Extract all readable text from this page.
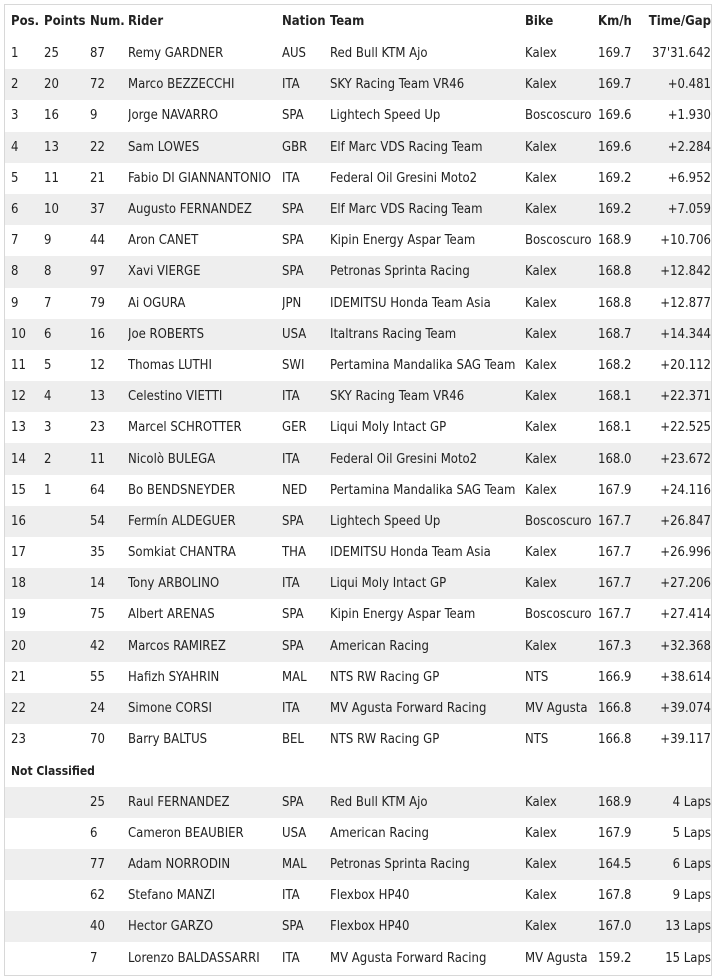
Pos.	Points	Num.	Rider	Nation	Team	Bike	Km/h	Time/Gap
1	25	87	Remy GARDNER	AUS	Red Bull KTM Ajo	Kalex	169.7	37'31.642
2	20	72	Marco BEZZECCHI	ITA	SKY Racing Team VR46	Kalex	169.7	+0.481
3	16	9	Jorge NAVARRO	SPA	Lightech Speed Up	Boscoscuro	169.6	+1.930
4	13	22	Sam LOWES	GBR	Elf Marc VDS Racing Team	Kalex	169.6	+2.284
5	11	21	Fabio DI GIANNANTONIO	ITA	Federal Oil Gresini Moto2	Kalex	169.2	+6.952
6	10	37	Augusto FERNANDEZ	SPA	Elf Marc VDS Racing Team	Kalex	169.2	+7.059
7	9	44	Aron CANET	SPA	Kipin Energy Aspar Team	Boscoscuro	168.9	+10.706
8	8	97	Xavi VIERGE	SPA	Petronas Sprinta Racing	Kalex	168.8	+12.842
9	7	79	Ai OGURA	JPN	IDEMITSU Honda Team Asia	Kalex	168.8	+12.877
10	6	16	Joe ROBERTS	USA	Italtrans Racing Team	Kalex	168.7	+14.344
11	5	12	Thomas LUTHI	SWI	Pertamina Mandalika SAG Team	Kalex	168.2	+20.112
12	4	13	Celestino VIETTI	ITA	SKY Racing Team VR46	Kalex	168.1	+22.371
13	3	23	Marcel SCHROTTER	GER	Liqui Moly Intact GP	Kalex	168.1	+22.525
14	2	11	Nicolò BULEGA	ITA	Federal Oil Gresini Moto2	Kalex	168.0	+23.672
15	1	64	Bo BENDSNEYDER	NED	Pertamina Mandalika SAG Team	Kalex	167.9	+24.116
16		54	Fermín ALDEGUER	SPA	Lightech Speed Up	Boscoscuro	167.7	+26.847
17		35	Somkiat CHANTRA	THA	IDEMITSU Honda Team Asia	Kalex	167.7	+26.996
18		14	Tony ARBOLINO	ITA	Liqui Moly Intact GP	Kalex	167.7	+27.206
19		75	Albert ARENAS	SPA	Kipin Energy Aspar Team	Boscoscuro	167.7	+27.414
20		42	Marcos RAMIREZ	SPA	American Racing	Kalex	167.3	+32.368
21		55	Hafizh SYAHRIN	MAL	NTS RW Racing GP	NTS	166.9	+38.614
22		24	Simone CORSI	ITA	MV Agusta Forward Racing	MV Agusta	166.8	+39.074
23		70	Barry BALTUS	BEL	NTS RW Racing GP	NTS	166.8	+39.117
Not Classified								
		25	Raul FERNANDEZ	SPA	Red Bull KTM Ajo	Kalex	168.9	4 Laps
		6	Cameron BEAUBIER	USA	American Racing	Kalex	167.9	5 Laps
		77	Adam NORRODIN	MAL	Petronas Sprinta Racing	Kalex	164.5	6 Laps
		62	Stefano MANZI	ITA	Flexbox HP40	Kalex	167.8	9 Laps
		40	Hector GARZO	SPA	Flexbox HP40	Kalex	167.0	13 Laps
		7	Lorenzo BALDASSARRI	ITA	MV Agusta Forward Racing	MV Agusta	159.2	15 Laps
